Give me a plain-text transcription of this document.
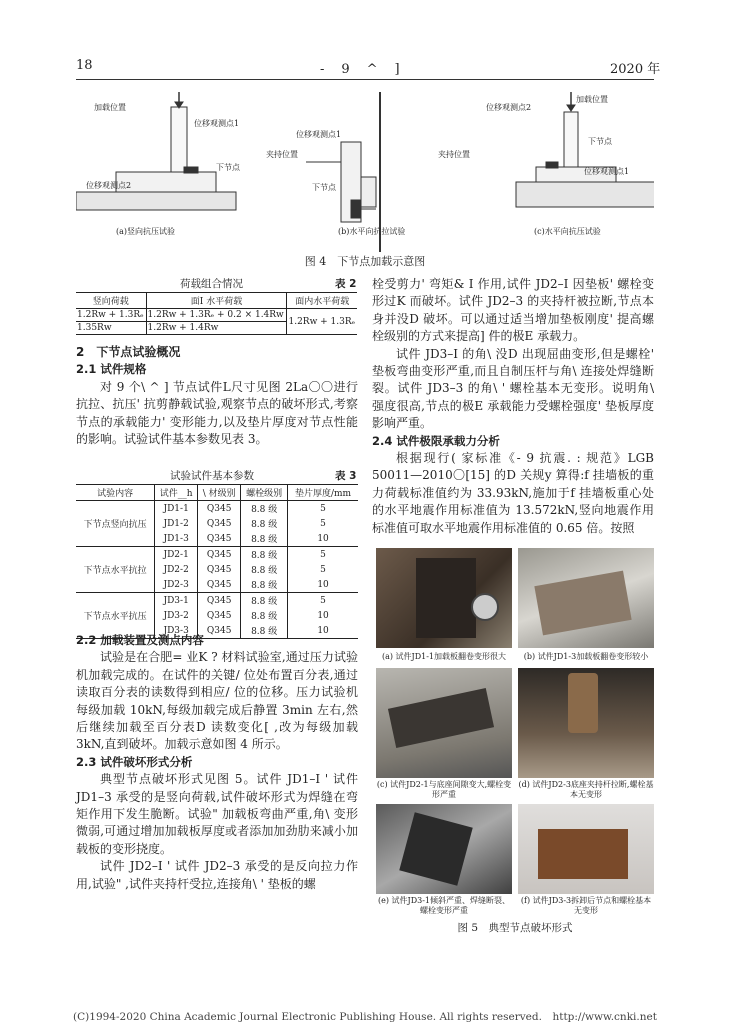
18	-　9　^　]	2020 年
加载位置
位移观测点1
位移观测点2
下节点
位移观测点1
夹持位置
下节点
夹持位置
加载位置
位移观测点2
下节点
位移观测点1
(a)竖向抗压试验	(b)水平向抗拉试验	(c)水平向抗压试验
图 4　下节点加载示意图
荷载组合情况	表 2
竖向荷载	面I 水平荷载	面内水平荷载
1.2Rᴡ + 1.3Rₑ	1.2Rᴡ + 1.3Rₑ + 0.2 × 1.4Rᴡ	1.2Rᴡ + 1.3Rₑ
1.35Rᴡ	1.2Rᴡ + 1.4Rᴡ	

2　下节点试验概况

2.1 试件规格

对 9 个\ ^ ] 节点试件L尺寸见图 2La〇〇进行抗拉、抗压' 抗剪静载试验,观察节点的破坏形式,考察节点的承载能力' 变形能力,以及垫片厚度对节点性能的影响。试验试件基本参数见表 3。

试验试件基本参数	表 3
试验内容	试件__h	\ 材级别	螺栓级别	垫片厚度/mm
下节点竖向抗压	JD1-1	Q345	8.8 级	5
	JD1-2	Q345	8.8 级	5
	JD1-3	Q345	8.8 级	10
下节点水平抗拉	JD2-1	Q345	8.8 级	5
	JD2-2	Q345	8.8 级	5
	JD2-3	Q345	8.8 级	10
下节点水平抗压	JD3-1	Q345	8.8 级	5
	JD3-2	Q345	8.8 级	10
	JD3-3	Q345	8.8 级	10

2.2 加载装置及测点内容

试验是在合肥= 业K ? 材料试验室,通过压力试验机加载完成的。在试件的关键/ 位处布置百分表,通过读取百分表的读数得到相应/ 位的位移。压力试验机每级加载 10kN,每级加载完成后静置 3min 左右,然后继续加载至百分表D 读数变化[ ,改为每级加载 3kN,直到破坏。加载示意如图 4 所示。

2.3 试件破坏形式分析

典型节点破坏形式见图 5。试件 JD1–I ' 试件 JD1–3 承受的是竖向荷载,试件破坏形式为焊缝在弯矩作用下发生脆断。试验" 加载板弯曲严重,角\ 变形微弱,可通过增加加载板厚度或者添加加劲肋来减小加载板的变形挠度。

试件 JD2–I ' 试件 JD2–3 承受的是反向拉力作用,试验" ,试件夹持杆受拉,连接角\ ' 垫板的螺

栓受剪力' 弯矩& I 作用,试件 JD2–I 因垫板' 螺栓变形过K 而破坏。试件 JD2–3 的夹持杆被拉断,节点本身并没D 破坏。可以通过适当增加垫板刚度' 提高螺栓级别的方式来提高] 件的极E 承载力。

试件 JD3–I 的角\ 没D 出现屈曲变形,但是螺栓' 垫板弯曲变形严重,而且自制压杆与角\ 连接处焊缝断裂。试件 JD3–3 的角\ ' 螺栓基本无变形。说明角\ 强度很高,节点的极E 承载能力受螺栓强度' 垫板厚度影响严重。

2.4 试件极限承载力分析

根据现行( 家标准《- 9 抗震. : 规范》LGB 50011—2010〇[15] 的D 关规y 算得:f 挂墙板的重力荷载标准值约为 33.93kN,施加于f 挂墙板重心处的水平地震作用标准值为 13.572kN,竖向地震作用标准值可取水平地震作用标准值的 0.65 倍。按照

(a) 试件JD1-1加载板翻卷变形很大	(b) 试件JD1-3加载板翻卷变形较小
(c) 试件JD2-1与底座间隙变大,螺栓变形严重
(d) 试件JD2-3底座夹持杆拉断,螺栓基本无变形
(e) 试件JD3-1倾斜严重、焊缝断裂、螺栓变形严重
(f) 试件JD3-3拆卸后节点和螺栓基本无变形
图 5　典型节点破坏形式
(C)1994-2020 China Academic Journal Electronic Publishing House. All rights reserved.　http://www.cnki.net
